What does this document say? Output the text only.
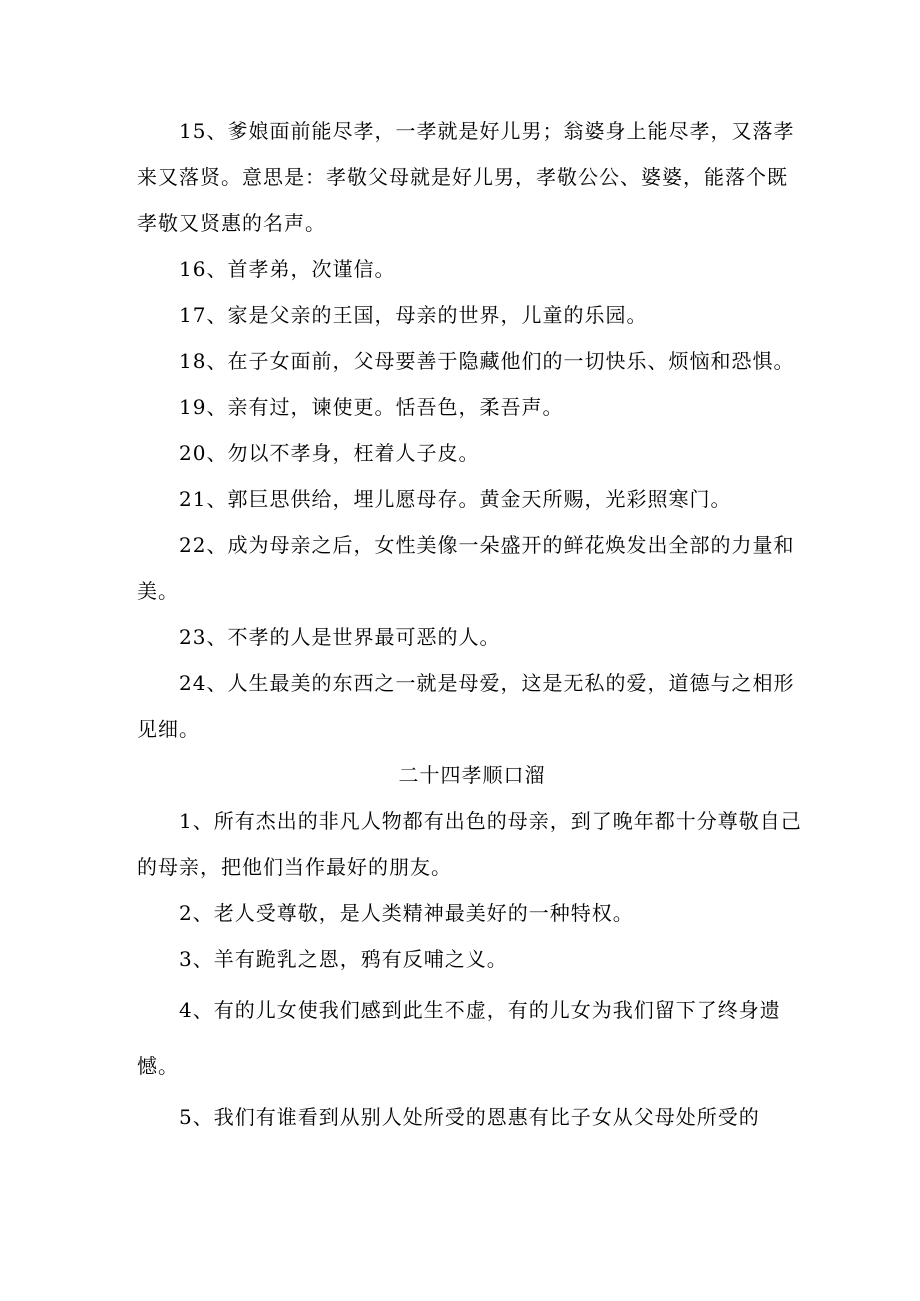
15、爹娘面前能尽孝，一孝就是好儿男；翁婆身上能尽孝，又落孝来又落贤。意思是：孝敬父母就是好儿男，孝敬公公、婆婆，能落个既孝敬又贤惠的名声。

16、首孝弟，次谨信。

17、家是父亲的王国，母亲的世界，儿童的乐园。

18、在子女面前，父母要善于隐藏他们的一切快乐、烦恼和恐惧。

19、亲有过，谏使更。恬吾色，柔吾声。

20、勿以不孝身，枉着人子皮。

21、郭巨思供给，埋儿愿母存。黄金天所赐，光彩照寒门。

22、成为母亲之后，女性美像一朵盛开的鲜花焕发出全部的力量和美。

23、不孝的人是世界最可恶的人。

24、人生最美的东西之一就是母爱，这是无私的爱，道德与之相形见细。

二十四孝顺口溜

1、所有杰出的非凡人物都有出色的母亲，到了晚年都十分尊敬自己的母亲，把他们当作最好的朋友。

2、老人受尊敬，是人类精神最美好的一种特权。

3、羊有跪乳之恩，鸦有反哺之义。

4、有的儿女使我们感到此生不虚，有的儿女为我们留下了终身遗憾。

5、我们有谁看到从别人处所受的恩惠有比子女从父母处所受的
